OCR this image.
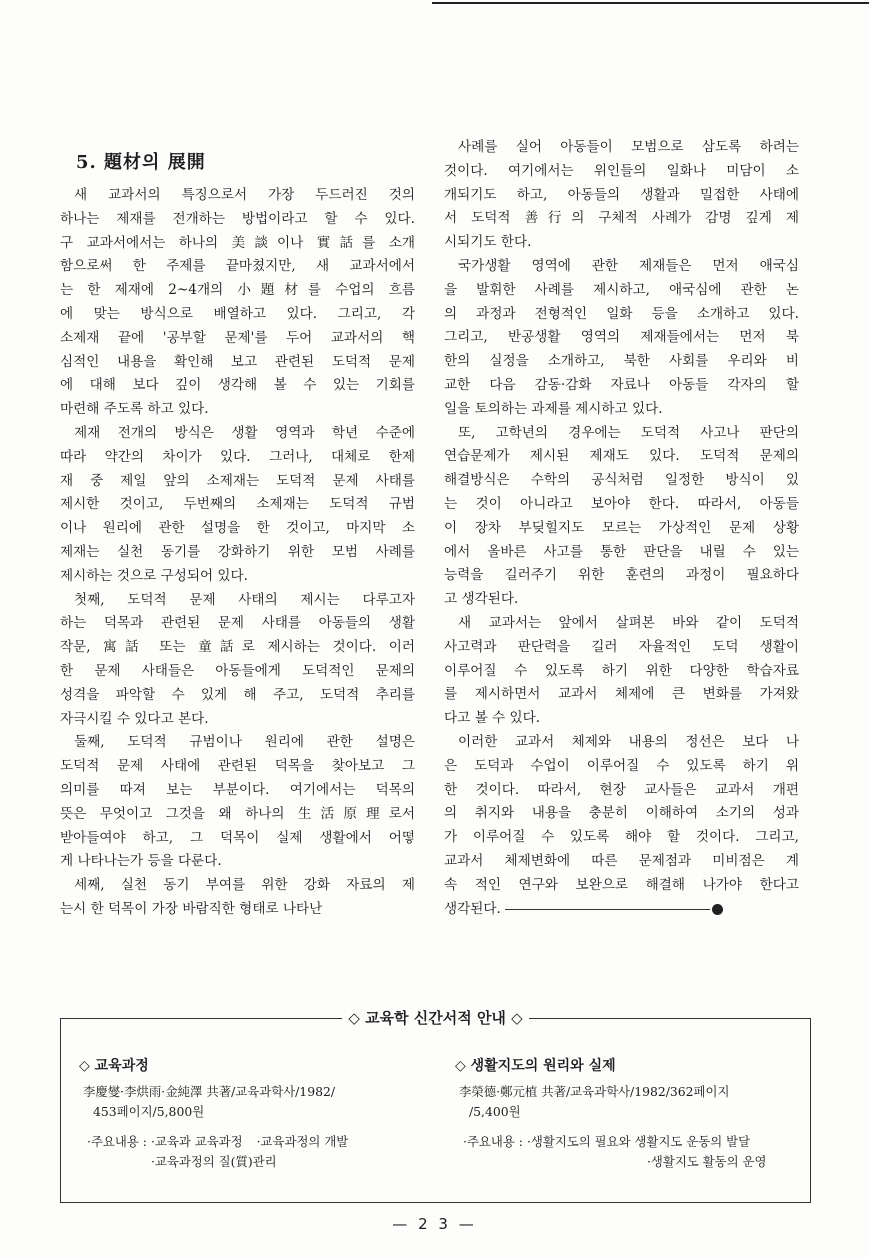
5. 題材의 展開

새 교과서의 특징으로서 가장 두드러진 것의
하나는 제재를 전개하는 방법이라고 할 수 있다.
구 교과서에서는 하나의 美談이나 實話를 소개
함으로써 한 주제를 끝마쳤지만, 새 교과서에서
는 한 제재에 2~4개의 小題材를 수업의 흐름
에 맞는 방식으로 배열하고 있다. 그리고, 각
소제재 끝에 '공부할 문제'를 두어 교과서의 핵
심적인 내용을 확인해 보고 관련된 도덕적 문제
에 대해 보다 깊이 생각해 볼 수 있는 기회를
마련해 주도록 하고 있다.

제재 전개의 방식은 생활 영역과 학년 수준에
따라 약간의 차이가 있다. 그러나, 대체로 한제
재 중 제일 앞의 소제재는 도덕적 문제 사태를
제시한 것이고, 두번째의 소제재는 도덕적 규범
이나 원리에 관한 설명을 한 것이고, 마지막 소
제재는 실천 동기를 강화하기 위한 모범 사례를
제시하는 것으로 구성되어 있다.

첫째, 도덕적 문제 사태의 제시는 다루고자
하는 덕목과 관련된 문제 사태를 아동들의 생활
작문, 寓話 또는 童話로 제시하는 것이다. 이러
한 문제 사태들은 아동들에게 도덕적인 문제의
성격을 파악할 수 있게 해 주고, 도덕적 추리를
자극시킬 수 있다고 본다.

둘째, 도덕적 규범이나 원리에 관한 설명은
도덕적 문제 사태에 관련된 덕목을 찾아보고 그
의미를 따져 보는 부분이다. 여기에서는 덕목의
뜻은 무엇이고 그것을 왜 하나의 生活原理로서
받아들여야 하고, 그 덕목이 실제 생활에서 어떻
게 나타나는가 등을 다룬다.

세째, 실천 동기 부여를 위한 강화 자료의 제
는시 한 덕목이 가장 바람직한 형태로 나타난

사례를 실어 아동들이 모범으로 삼도록 하려는
것이다. 여기에서는 위인들의 일화나 미담이 소
개되기도 하고, 아동들의 생활과 밀접한 사태에
서 도덕적 善行의 구체적 사례가 감명 깊게 제
시되기도 한다.

국가생활 영역에 관한 제재들은 먼저 애국심
을 발휘한 사례를 제시하고, 애국심에 관한 논
의 과정과 전형적인 일화 등을 소개하고 있다.
그리고, 반공생활 영역의 제재들에서는 먼저 북
한의 실정을 소개하고, 북한 사회를 우리와 비
교한 다음 감동·감화 자료나 아동들 각자의 할
일을 토의하는 과제를 제시하고 있다.

또, 고학년의 경우에는 도덕적 사고나 판단의
연습문제가 제시된 제재도 있다. 도덕적 문제의
해결방식은 수학의 공식처럼 일정한 방식이 있
는 것이 아니라고 보아야 한다. 따라서, 아동들
이 장차 부딪힐지도 모르는 가상적인 문제 상황
에서 올바른 사고를 통한 판단을 내릴 수 있는
능력을 길러주기 위한 훈련의 과정이 필요하다
고 생각된다.

새 교과서는 앞에서 살펴본 바와 같이 도덕적
사고력과 판단력을 길러 자율적인 도덕 생활이
이루어질 수 있도록 하기 위한 다양한 학습자료
를 제시하면서 교과서 체제에 큰 변화를 가져왔
다고 볼 수 있다.

이러한 교과서 체제와 내용의 정선은 보다 나
은 도덕과 수업이 이루어질 수 있도록 하기 위
한 것이다. 따라서, 현장 교사들은 교과서 개편
의 취지와 내용을 충분히 이해하여 소기의 성과
가 이루어질 수 있도록 해야 할 것이다. 그리고,
교과서 체제변화에 따른 문제점과 미비점은 계
속 적인 연구와 보완으로 해결해 나가야 한다고
생각된다.

◇ 교육학 신간서적 안내 ◇
◇ 교육과정
李慶燮·李烘雨·金純澤 共著/교육과학사/1982/
453페이지/5,800원
·주요내용 : ·교육과 교육과정 ·교육과정의 개발
·교육과정의 질(質)관리
◇ 생활지도의 원리와 실제
李榮德·鄭元植 共著/교육과학사/1982/362페이지
/5,400원
·주요내용 : ·생활지도의 필요와 생활지도 운동의 발달
·생활지도 활동의 운영
— 2 3 —
